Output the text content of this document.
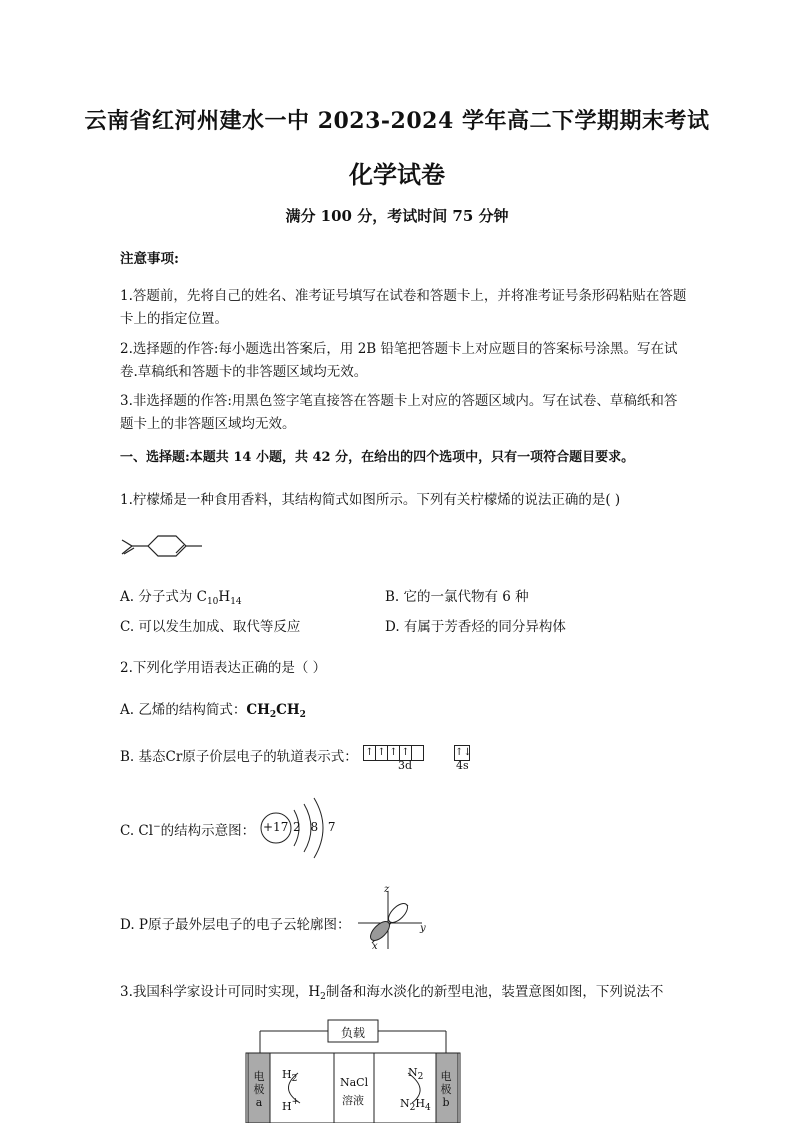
云南省红河州建水一中 2023-2024 学年高二下学期期末考试
化学试卷
满分 100 分，考试时间 75 分钟
注意事项:
1.答题前，先将自己的姓名、准考证号填写在试卷和答题卡上，并将准考证号条形码粘贴在答题卡上的指定位置。
2.选择题的作答:每小题选出答案后，用 2B 铅笔把答题卡上对应题目的答案标号涂黑。写在试卷.草稿纸和答题卡的非答题区域均无效。
3.非选择题的作答:用黑色签字笔直接答在答题卡上对应的答题区域内。写在试卷、草稿纸和答题卡上的非答题区域均无效。
一、选择题:本题共 14 小题，共 42 分，在给出的四个选项中，只有一项符合题目要求。
1.柠檬烯是一种食用香料，其结构简式如图所示。下列有关柠檬烯的说法正确的是( )
A. 分子式为 $C_{10}H_{14}$	B. 它的一氯代物有 6 种
C. 可以发生加成、取代等反应	D. 有属于芳香烃的同分异构体
2.下列化学用语表达正确的是（ ）
A. 乙烯的结构简式：$CH_2CH_2$
B. 基态Cr原子价层电子的轨道表示式： ↑ ↑ ↑ ↑	↑↓
3d	4s
C. Cl−的结构示意图： +17 2 8 7
D. P原子最外层电子的电子云轮廓图：
z
y
x
3.我国科学家设计可同时实现，$H_2$制备和海水淡化的新型电池，装置意图如图，下列说法不
负载
电
极
a
电
极
b
$H_2$
H+
NaCl
溶液
$N_2$
$N_2H_4$
